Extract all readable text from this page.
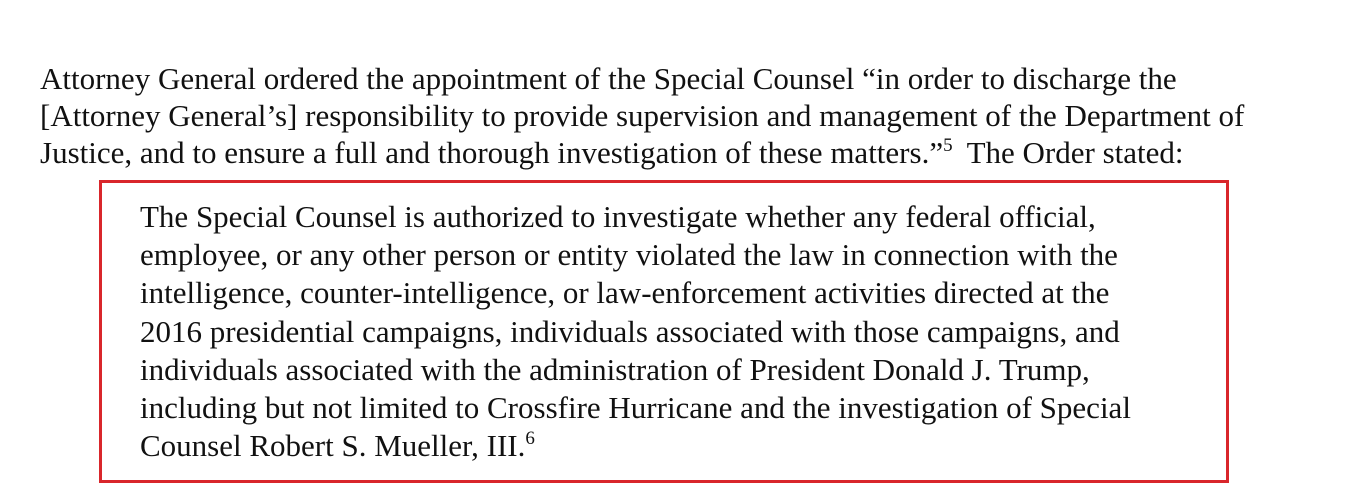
Attorney General ordered the appointment of the Special Counsel “in order to discharge the
[Attorney General’s] responsibility to provide supervision and management of the Department of
Justice, and to ensure a full and thorough investigation of these matters.”$^5$ The Order stated:
The Special Counsel is authorized to investigate whether any federal official,
employee, or any other person or entity violated the law in connection with the
intelligence, counter-intelligence, or law-enforcement activities directed at the
2016 presidential campaigns, individuals associated with those campaigns, and
individuals associated with the administration of President Donald J. Trump,
including but not limited to Crossfire Hurricane and the investigation of Special
Counsel Robert S. Mueller, III.$^6$
